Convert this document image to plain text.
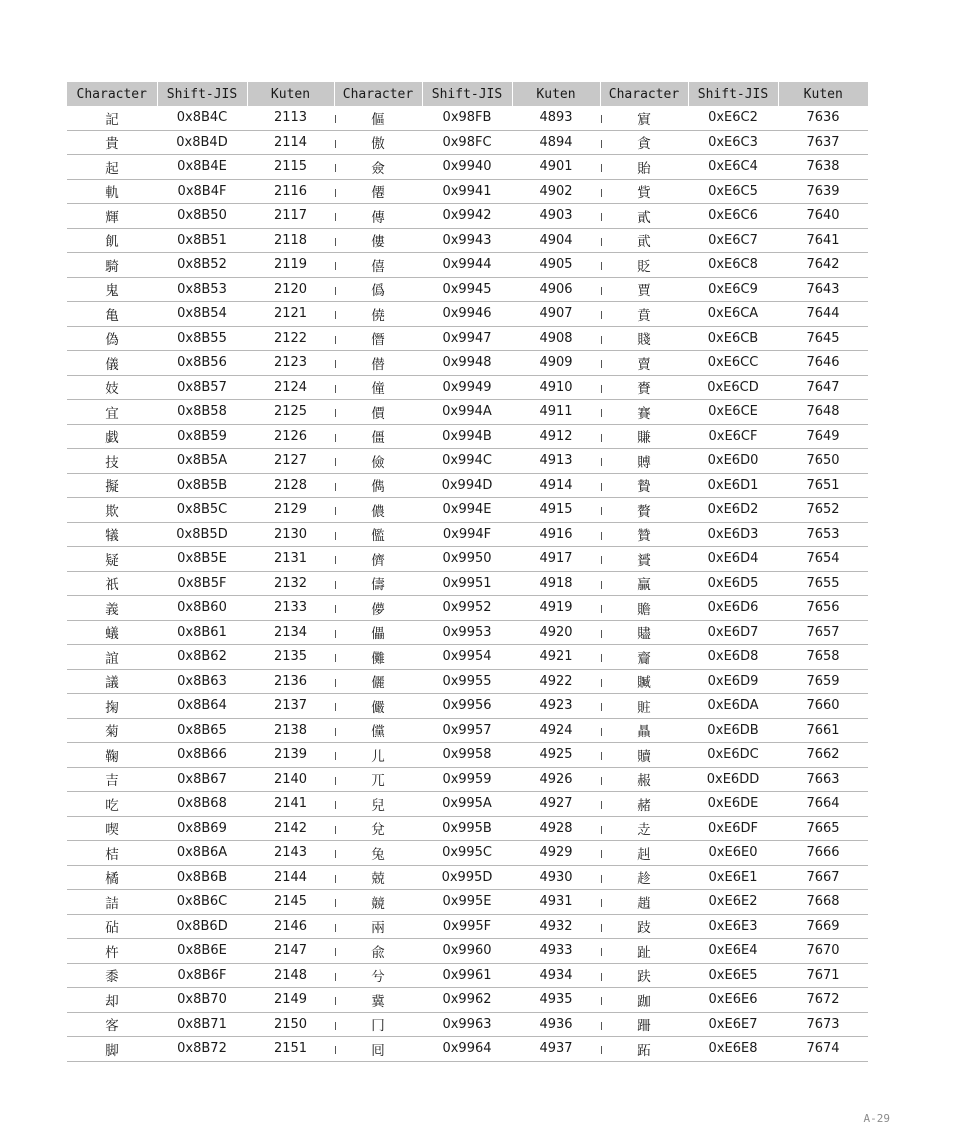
Character	Shift-JIS	Kuten	Character	Shift-JIS	Kuten	Character	Shift-JIS	Kuten
記	0x8B4C	2113	傴	0x98FB	4893	賔	0xE6C2	7636
貴	0x8B4D	2114	傲	0x98FC	4894	貪	0xE6C3	7637
起	0x8B4E	2115	僉	0x9940	4901	貽	0xE6C4	7638
軌	0x8B4F	2116	僊	0x9941	4902	貲	0xE6C5	7639
輝	0x8B50	2117	傳	0x9942	4903	貳	0xE6C6	7640
飢	0x8B51	2118	僂	0x9943	4904	貮	0xE6C7	7641
騎	0x8B52	2119	僖	0x9944	4905	貶	0xE6C8	7642
鬼	0x8B53	2120	僞	0x9945	4906	賈	0xE6C9	7643
亀	0x8B54	2121	僥	0x9946	4907	賁	0xE6CA	7644
偽	0x8B55	2122	僭	0x9947	4908	賤	0xE6CB	7645
儀	0x8B56	2123	僣	0x9948	4909	賣	0xE6CC	7646
妓	0x8B57	2124	僮	0x9949	4910	賚	0xE6CD	7647
宜	0x8B58	2125	價	0x994A	4911	賽	0xE6CE	7648
戯	0x8B59	2126	僵	0x994B	4912	賺	0xE6CF	7649
技	0x8B5A	2127	儉	0x994C	4913	賻	0xE6D0	7650
擬	0x8B5B	2128	儁	0x994D	4914	贄	0xE6D1	7651
欺	0x8B5C	2129	儂	0x994E	4915	贅	0xE6D2	7652
犠	0x8B5D	2130	儖	0x994F	4916	贊	0xE6D3	7653
疑	0x8B5E	2131	儕	0x9950	4917	贇	0xE6D4	7654
祇	0x8B5F	2132	儔	0x9951	4918	贏	0xE6D5	7655
義	0x8B60	2133	儚	0x9952	4919	贍	0xE6D6	7656
蟻	0x8B61	2134	儡	0x9953	4920	贐	0xE6D7	7657
誼	0x8B62	2135	儺	0x9954	4921	齎	0xE6D8	7658
議	0x8B63	2136	儷	0x9955	4922	贓	0xE6D9	7659
掬	0x8B64	2137	儼	0x9956	4923	賍	0xE6DA	7660
菊	0x8B65	2138	儻	0x9957	4924	贔	0xE6DB	7661
鞠	0x8B66	2139	儿	0x9958	4925	贖	0xE6DC	7662
吉	0x8B67	2140	兀	0x9959	4926	赧	0xE6DD	7663
吃	0x8B68	2141	兒	0x995A	4927	赭	0xE6DE	7664
喫	0x8B69	2142	兌	0x995B	4928	赱	0xE6DF	7665
桔	0x8B6A	2143	兔	0x995C	4929	赳	0xE6E0	7666
橘	0x8B6B	2144	兢	0x995D	4930	趁	0xE6E1	7667
詰	0x8B6C	2145	竸	0x995E	4931	趙	0xE6E2	7668
砧	0x8B6D	2146	兩	0x995F	4932	跂	0xE6E3	7669
杵	0x8B6E	2147	兪	0x9960	4933	趾	0xE6E4	7670
黍	0x8B6F	2148	兮	0x9961	4934	趺	0xE6E5	7671
却	0x8B70	2149	冀	0x9962	4935	跏	0xE6E6	7672
客	0x8B71	2150	冂	0x9963	4936	跚	0xE6E7	7673
脚	0x8B72	2151	囘	0x9964	4937	跖	0xE6E8	7674
A-29
